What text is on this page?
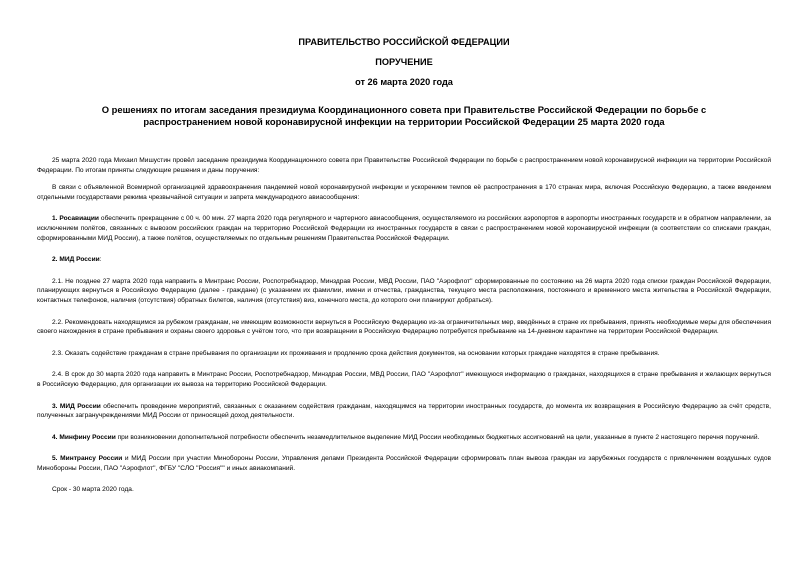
ПРАВИТЕЛЬСТВО РОССИЙСКОЙ ФЕДЕРАЦИИ

ПОРУЧЕНИЕ

от 26 марта 2020 года

О решениях по итогам заседания президиума Координационного совета при Правительстве Российской Федерации по борьбе с распространением новой коронавирусной инфекции на территории Российской Федерации 25 марта 2020 года

25 марта 2020 года Михаил Мишустин провёл заседание президиума Координационного совета при Правительстве Российской Федерации по борьбе с распространением новой коронавирусной инфекции на территории Российской Федерации. По итогам приняты следующие решения и даны поручения:

В связи с объявленной Всемирной организацией здравоохранения пандемией новой коронавирусной инфекции и ускорением темпов её распространения в 170 странах мира, включая Российскую Федерацию, а также введением отдельными государствами режима чрезвычайной ситуации и запрета международного авиасообщения:

1. Росавиации обеспечить прекращение с 00 ч. 00 мин. 27 марта 2020 года регулярного и чартерного авиасообщения, осуществляемого из российских аэропортов в аэропорты иностранных государств и в обратном направлении, за исключением полётов, связанных с вывозом российских граждан на территорию Российской Федерации из иностранных государств в связи с распространением новой коронавирусной инфекции (в соответствии со списками граждан, сформированными МИД России), а также полётов, осуществляемых по отдельным решениям Правительства Российской Федерации.

2. МИД России:

2.1. Не позднее 27 марта 2020 года направить в Минтранс России, Роспотребнадзор, Минздрав России, МВД России, ПАО "Аэрофлот" сформированные по состоянию на 26 марта 2020 года списки граждан Российской Федерации, планирующих вернуться в Российскую Федерацию (далее - граждане) (с указанием их фамилии, имени и отчества, гражданства, текущего места расположения, постоянного и временного места жительства в Российской Федерации, контактных телефонов, наличия (отсутствия) обратных билетов, наличия (отсутствия) виз, конечного места, до которого они планируют добраться).

2.2. Рекомендовать находящимся за рубежом гражданам, не имеющим возможности вернуться в Российскую Федерацию из-за ограничительных мер, введённых в стране их пребывания, принять необходимые меры для обеспечения своего нахождения в стране пребывания и охраны своего здоровья с учётом того, что при возвращении в Российскую Федерацию потребуется пребывание на 14-дневном карантине на территории Российской Федерации.

2.3. Оказать содействие гражданам в стране пребывания по организации их проживания и продлению срока действия документов, на основании которых граждане находятся в стране пребывания.

2.4. В срок до 30 марта 2020 года направить в Минтранс России, Роспотребнадзор, Минздрав России, МВД России, ПАО "Аэрофлот" имеющуюся информацию о гражданах, находящихся в стране пребывания и желающих вернуться в Российскую Федерацию, для организации их вывоза на территорию Российской Федерации.

3. МИД России обеспечить проведение мероприятий, связанных с оказанием содействия гражданам, находящимся на территории иностранных государств, до момента их возвращения в Российскую Федерацию за счёт средств, полученных загранучреждениями МИД России от приносящей доход деятельности.

4. Минфину России при возникновении дополнительной потребности обеспечить незамедлительное выделение МИД России необходимых бюджетных ассигнований на цели, указанные в пункте 2 настоящего перечня поручений.

5. Минтрансу России и МИД России при участии Минобороны России, Управления делами Президента Российской Федерации сформировать план вывоза граждан из зарубежных государств с привлечением воздушных судов Минобороны России, ПАО "Аэрофлот", ФГБУ "СЛО "Россия"" и иных авиакомпаний.

Срок - 30 марта 2020 года.
